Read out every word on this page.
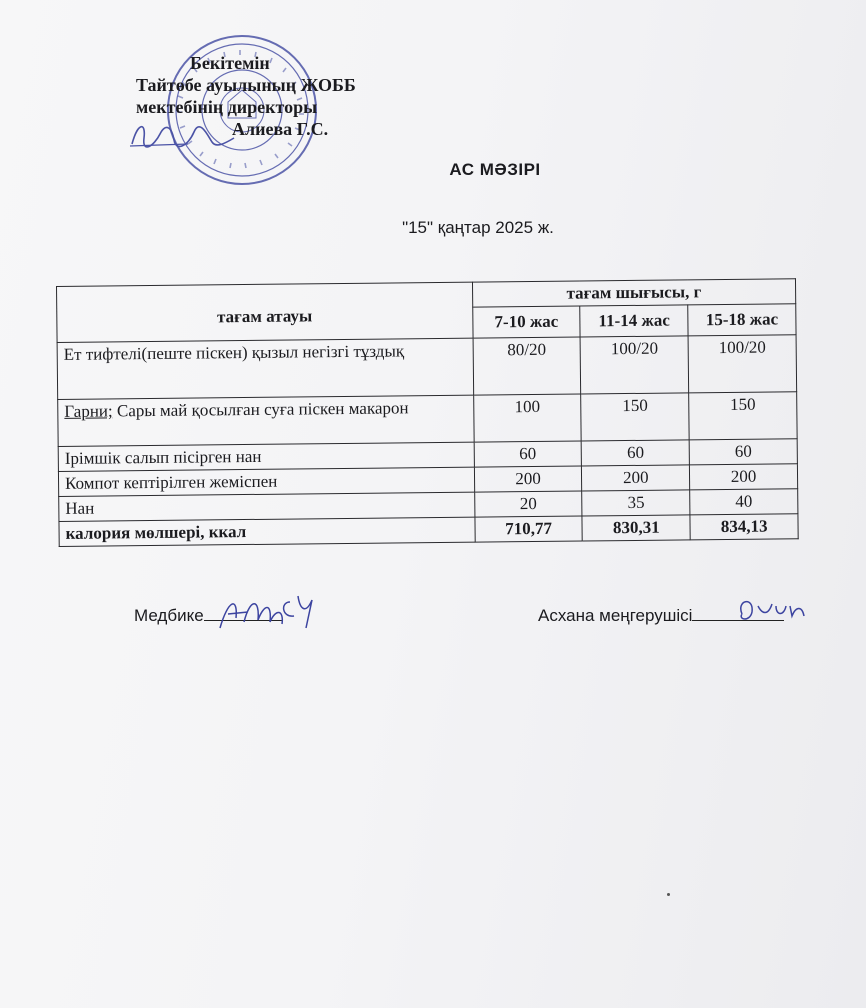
Бекітемін
Тайтөбе ауылының ЖОББ
мектебінің директоры
Алиева Г.С.
АС МӘЗІРІ
"15" қаңтар 2025 ж.
тағам атауы	тағам шығысы, г		
	7-10 жас	11-14 жас	15-18 жас
Ет тифтелі(пеште піскен) қызыл негізгі тұздық	80/20	100/20	100/20
Гарни; Сары май қосылған суға піскен макарон	100	150	150
Ірімшік салып пісірген нан	60	60	60
Компот кептірілген жеміспен	200	200	200
Нан	20	35	40
калория мөлшері, ккал	710,77	830,31	834,13
Медбике	Асхана меңгерушісі
